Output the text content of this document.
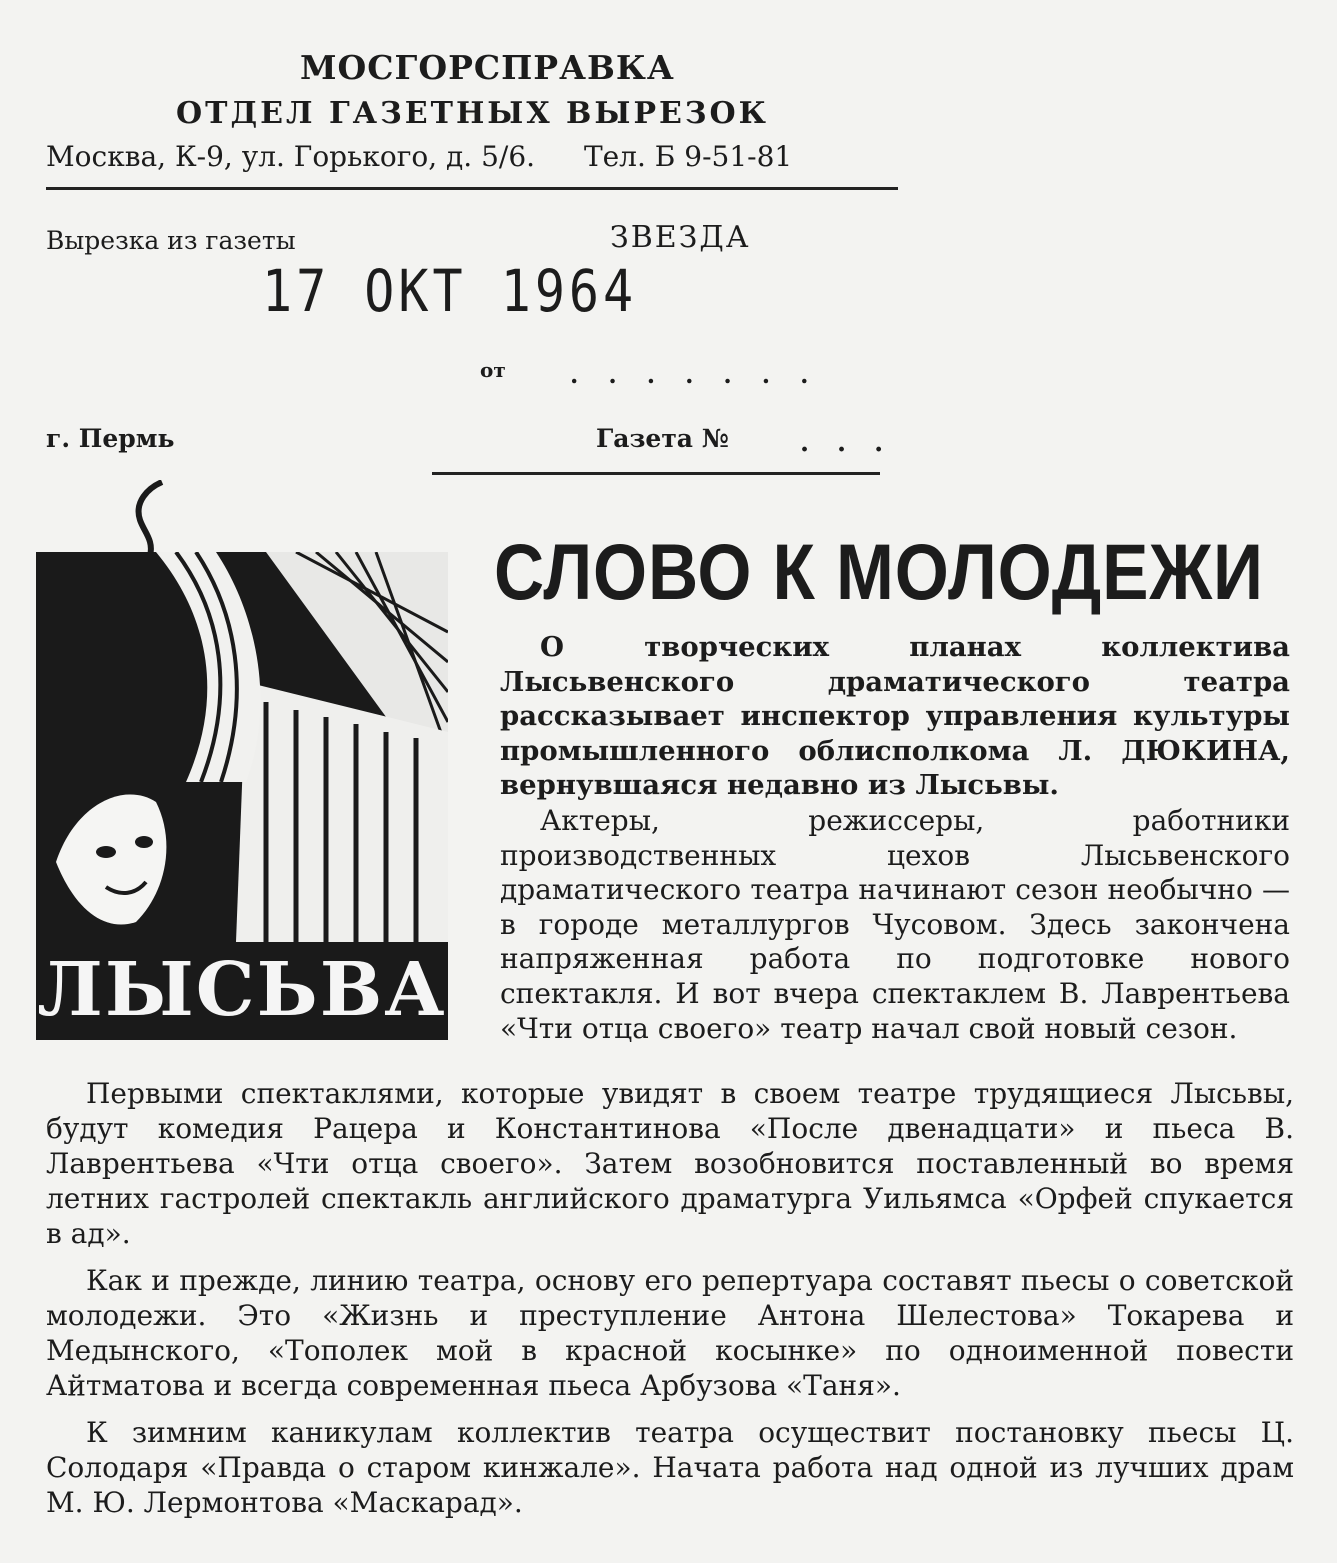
МОСГОРСПРАВКА
ОТДЕЛ ГАЗЕТНЫХ ВЫРЕЗОК
Москва, К-9, ул. Горького, д. 5/6. Тел. Б 9-51-81
Вырезка из газеты	ЗВЕЗДА
17 ОКТ 1964
от	.......
г. Пермь	Газета №	...
ЛЫСЬВА
СЛОВО К МОЛОДЕЖИ

О творческих планах коллектива Лысьвенского драматического театра рассказывает инспектор управления культуры промышленного облисполкома Л. ДЮКИНА, вернувшаяся недавно из Лысьвы.

Актеры, режиссеры, работники производственных цехов Лысьвенского драматического театра начинают сезон необычно — в городе металлургов Чусовом. Здесь закончена напряженная работа по подготовке нового спектакля. И вот вчера спектаклем В. Лаврентьева «Чти отца своего» театр начал свой новый сезон.

Первыми спектаклями, которые увидят в своем театре трудящиеся Лысьвы, будут комедия Рацера и Константинова «После двенадцати» и пьеса В. Лаврентьева «Чти отца своего». Затем возобновится поставленный во время летних гастролей спектакль английского драматурга Уильямса «Орфей спукается в ад».

Как и прежде, линию театра, основу его репертуара составят пьесы о советской молодежи. Это «Жизнь и преступление Антона Шелестова» Токарева и Медынского, «Тополек мой в красной косынке» по одноименной повести Айтматова и всегда современная пьеса Арбузова «Таня».

К зимним каникулам коллектив театра осуществит постановку пьесы Ц. Солодаря «Правда о старом кинжале». Начата работа над одной из лучших драм М. Ю. Лермонтова «Маскарад».
